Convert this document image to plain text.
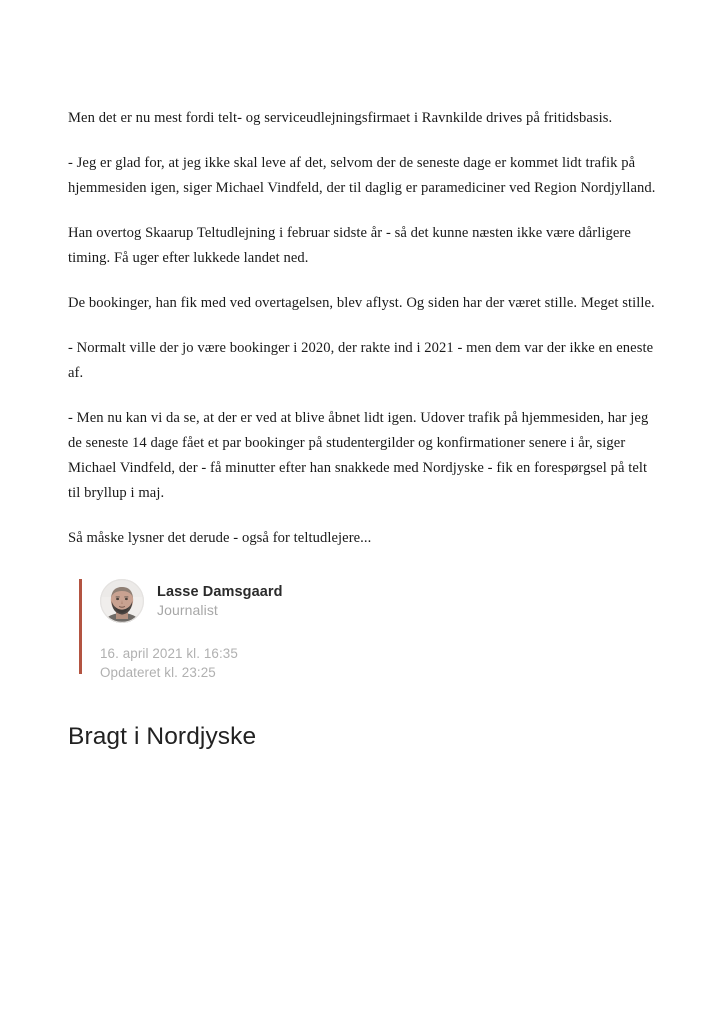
Men det er nu mest fordi telt- og serviceudlejningsfirmaet i Ravnkilde drives på fritidsbasis.

- Jeg er glad for, at jeg ikke skal leve af det, selvom der de seneste dage er kommet lidt trafik på hjemmesiden igen, siger Michael Vindfeld, der til daglig er paramediciner ved Region Nordjylland.

Han overtog Skaarup Teltudlejning i februar sidste år - så det kunne næsten ikke være dårligere timing. Få uger efter lukkede landet ned.

De bookinger, han fik med ved overtagelsen, blev aflyst. Og siden har der været stille. Meget stille.

- Normalt ville der jo være bookinger i 2020, der rakte ind i 2021 - men dem var der ikke en eneste af.

- Men nu kan vi da se, at der er ved at blive åbnet lidt igen. Udover trafik på hjemmesiden, har jeg de seneste 14 dage fået et par bookinger på studentergilder og konfirmationer senere i år, siger Michael Vindfeld, der - få minutter efter han snakkede med Nordjyske - fik en forespørgsel på telt til bryllup i maj.

Så måske lysner det derude - også for teltudlejere...

Lasse Damsgaard
Journalist
16. april 2021 kl. 16:35
Opdateret kl. 23:25
Bragt i Nordjyske
